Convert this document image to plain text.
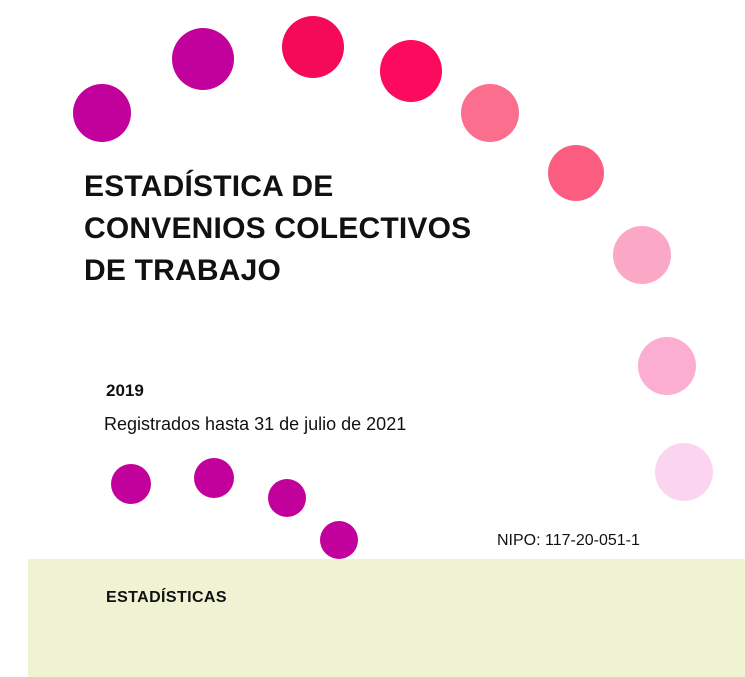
ESTADÍSTICA DE
CONVENIOS COLECTIVOS
DE TRABAJO
2019
Registrados hasta 31 de julio de 2021
NIPO: 117-20-051-1
ESTADÍSTICAS
